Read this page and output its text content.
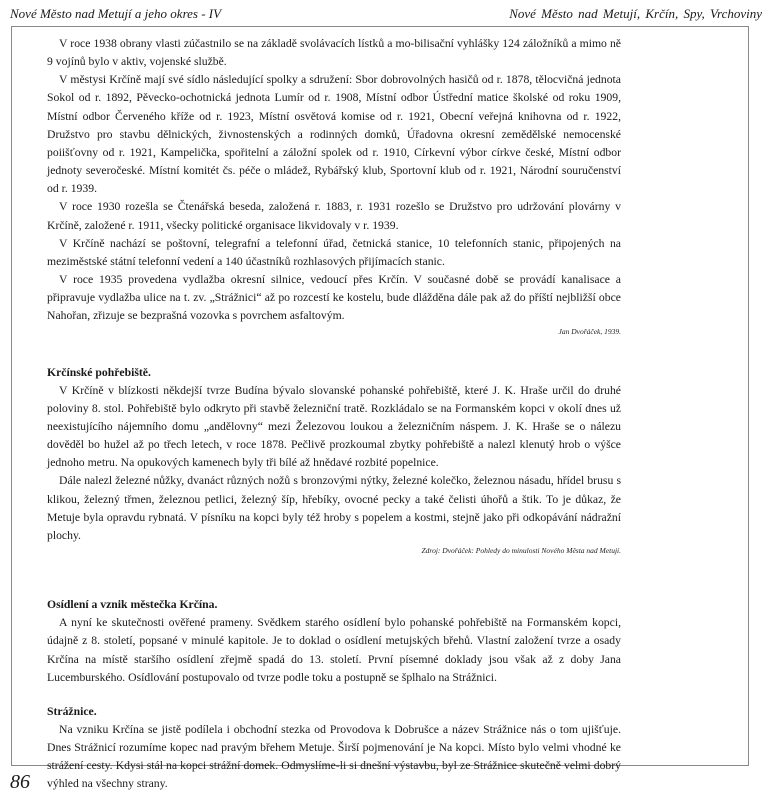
Nové Město nad Metují a jeho okres - IV	Nové Město nad Metují, Krčín, Spy, Vrchoviny

V roce 1938 obrany vlasti zúčastnilo se na základě svolávacích lístků a mo-bilisační vyhlášky 124 záložníků a mimo ně 9 vojínů bylo v aktiv, vojenské službě.

V městysi Krčíně mají své sídlo následující spolky a sdružení: Sbor dobrovolných hasičů od r. 1878, tělocvičná jednota Sokol od r. 1892, Pěvecko-ochotnická jednota Lumír od r. 1908, Místní odbor Ústřední matice školské od roku 1909, Místní odbor Červeného kříže od r. 1923, Místní osvětová komise od r. 1921, Obecní veřejná knihovna od r. 1922, Družstvo pro stavbu dělnických, živnostenských a rodinných domků, Úřadovna okresní zemědělské nemocenské poiišťovny od r. 1921, Kampelička, spořitelní a záložní spolek od r. 1910, Církevní výbor církve české, Místní odbor jednoty severočeské. Místní komitét čs. péče o mládež, Rybářský klub, Sportovní klub od r. 1921, Národní souručenství od r. 1939.

V roce 1930 rozešla se Čtenářská beseda, založená r. 1883, r. 1931 rozešlo se Družstvo pro udržování plovárny v Krčíně, založené r. 1911, všecky politické organisace likvidovaly v r. 1939.

V Krčíně nachází se poštovní, telegrafní a telefonní úřad, četnická stanice, 10 telefonních stanic, připojených na meziměstské státní telefonní vedení a 140 účastníků rozhlasových přijímacích stanic.

V roce 1935 provedena vydlažba okresní silnice, vedoucí přes Krčín. V současné době se provádí kanalisace a připravuje vydlažba ulice na t. zv. „Strážnici“ až po rozcestí ke kostelu, bude dlážděna dále pak až do příští nejbližší obce Nahořan, zřizuje se bezprašná vozovka s povrchem asfaltovým.

Jan Dvořáček, 1939.

Krčínské pohřebiště.

V Krčíně v blízkosti někdejší tvrze Budína bývalo slovanské pohanské pohřebiště, které J. K. Hraše určil do druhé poloviny 8. stol. Pohřebiště bylo odkryto při stavbě železniční tratě. Rozkládalo se na Formanském kopci v okolí dnes už neexistujícího nájemního domu „andělovny“ mezi Železovou loukou a železničním náspem. J. K. Hraše se o nálezu dověděl bo hužel až po třech letech, v roce 1878. Pečlivě prozkoumal zbytky pohřebiště a nalezl klenutý hrob o výšce jednoho metru. Na opukových kamenech byly tři bílé až hnědavé rozbité popelnice.

Dále nalezl železné nůžky, dvanáct různých nožů s bronzovými nýtky, železné kolečko, železnou násadu, hřídel brusu s klikou, železný třmen, železnou petlici, železný šíp, hřebíky, ovocné pecky a také čelisti úhořů a štik. To je důkaz, že Metuje byla opravdu rybnatá. V písníku na kopci byly též hroby s popelem a kostmi, stejně jako při odkopávání nádražní plochy.

Zdroj: Dvořáček: Pohledy do minulosti Nového Města nad Metují.

Osídlení a vznik městečka Krčína.

A nyní ke skutečnosti ověřené prameny. Svědkem starého osídlení bylo pohanské pohřebiště na Formanském kopci, údajně z 8. století, popsané v minulé kapitole. Je to doklad o osídlení metujských břehů. Vlastní založení tvrze a osady Krčína na místě staršího osídlení zřejmě spadá do 13. století. První písemné doklady jsou však až z doby Jana Lucemburského. Osídlování postupovalo od tvrze podle toku a postupně se šplhalo na Strážnici.

Strážnice.

Na vzniku Krčína se jistě podílela i obchodní stezka od Provodova k Dobrušce a název Strážnice nás o tom ujišťuje. Dnes Strážnicí rozumíme kopec nad pravým břehem Metuje. Širší pojmenování je Na kopci. Místo bylo velmi vhodné ke strážení cesty. Kdysi stál na kopci strážní domek. Odmyslíme-li si dnešní výstavbu, byl ze Strážnice skutečně velmi dobrý výhled na všechny strany.

86
